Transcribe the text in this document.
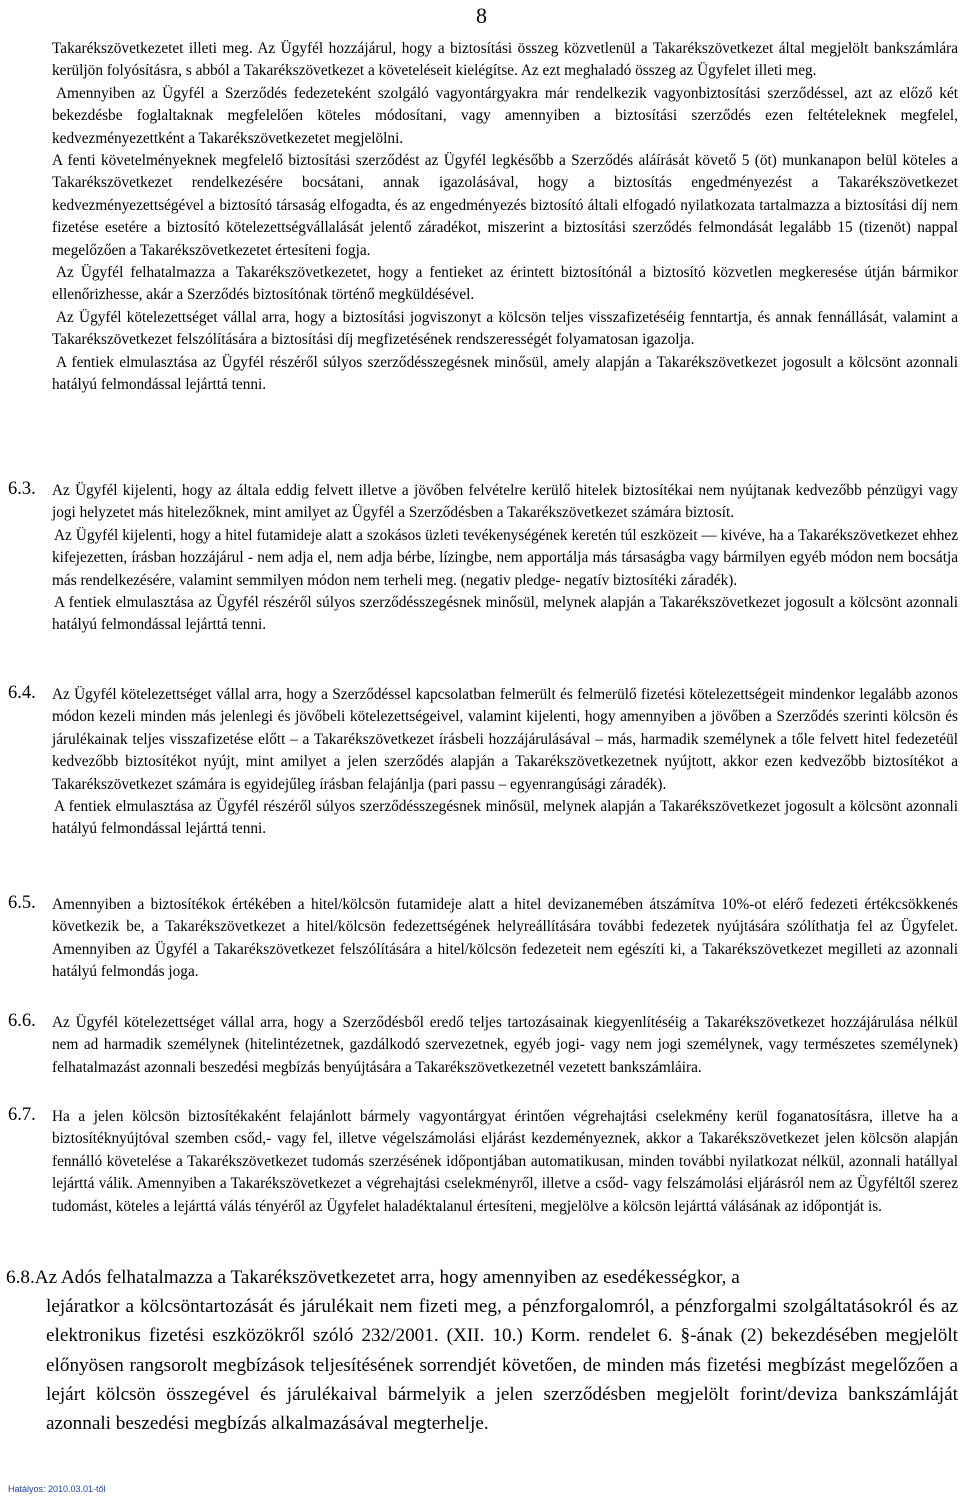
8

Takarékszövetkezetet illeti meg. Az Ügyfél hozzájárul, hogy a biztosítási összeg közvetlenül a Takarékszövetkezet által megjelölt bankszámlára kerüljön folyósításra, s abból a Takarékszövetkezet a követeléseit kielégítse. Az ezt meghaladó összeg az Ügyfelet illeti meg.

Amennyiben az Ügyfél a Szerződés fedezeteként szolgáló vagyontárgyakra már rendelkezik vagyonbiztosítási szerződéssel, azt az előző két bekezdésbe foglaltaknak megfelelően köteles módosítani, vagy amennyiben a biztosítási szerződés ezen feltételeknek megfelel, kedvezményezettként a Takarékszövetkezetet megjelölni.

A fenti követelményeknek megfelelő biztosítási szerződést az Ügyfél legkésőbb a Szerződés aláírását követő 5 (öt) munkanapon belül köteles a Takarékszövetkezet rendelkezésére bocsátani, annak igazolásával, hogy a biztosítás engedményezést a Takarékszövetkezet kedvezményezettségével a biztosító társaság elfogadta, és az engedményezés biztosító általi elfogadó nyilatkozata tartalmazza a biztosítási díj nem fizetése esetére a biztosító kötelezettségvállalását jelentő záradékot, miszerint a biztosítási szerződés felmondását legalább 15 (tizenöt) nappal megelőzően a Takarékszövetkezetet értesíteni fogja.

Az Ügyfél felhatalmazza a Takarékszövetkezetet, hogy a fentieket az érintett biztosítónál a biztosító közvetlen megkeresése útján bármikor ellenőrizhesse, akár a Szerződés biztosítónak történő megküldésével.

Az Ügyfél kötelezettséget vállal arra, hogy a biztosítási jogviszonyt a kölcsön teljes visszafizetéséig fenntartja, és annak fennállását, valamint a Takarékszövetkezet felszólítására a biztosítási díj megfizetésének rendszerességét folyamatosan igazolja.

A fentiek elmulasztása az Ügyfél részéről súlyos szerződésszegésnek minősül, amely alapján a Takarékszövetkezet jogosult a kölcsönt azonnali hatályú felmondással lejárttá tenni.

6.3. Az Ügyfél kijelenti, hogy az általa eddig felvett illetve a jövőben felvételre kerülő hitelek biztosítékai nem nyújtanak kedvezőbb pénzügyi vagy jogi helyzetet más hitelezőknek, mint amilyet az Ügyfél a Szerződésben a Takarékszövetkezet számára biztosít.

Az Ügyfél kijelenti, hogy a hitel futamideje alatt a szokásos üzleti tevékenységének keretén túl eszközeit — kivéve, ha a Takarékszövetkezet ehhez kifejezetten, írásban hozzájárul - nem adja el, nem adja bérbe, lízingbe, nem apportálja más társaságba vagy bármilyen egyéb módon nem bocsátja más rendelkezésére, valamint semmilyen módon nem terheli meg. (negativ pledge- negatív biztosítéki záradék).

A fentiek elmulasztása az Ügyfél részéről súlyos szerződésszegésnek minősül, melynek alapján a Takarékszövetkezet jogosult a kölcsönt azonnali hatályú felmondással lejárttá tenni.

6.4. Az Ügyfél kötelezettséget vállal arra, hogy a Szerződéssel kapcsolatban felmerült és felmerülő fizetési kötelezettségeit mindenkor legalább azonos módon kezeli minden más jelenlegi és jövőbeli kötelezettségeivel, valamint kijelenti, hogy amennyiben a jövőben a Szerződés szerinti kölcsön és járulékainak teljes visszafizetése előtt – a Takarékszövetkezet írásbeli hozzájárulásával – más, harmadik személynek a tőle felvett hitel fedezetéül kedvezőbb biztosítékot nyújt, mint amilyet a jelen szerződés alapján a Takarékszövetkezetnek nyújtott, akkor ezen kedvezőbb biztosítékot a Takarékszövetkezet számára is egyidejűleg írásban felajánlja (pari passu – egyenrangúsági záradék).

A fentiek elmulasztása az Ügyfél részéről súlyos szerződésszegésnek minősül, melynek alapján a Takarékszövetkezet jogosult a kölcsönt azonnali hatályú felmondással lejárttá tenni.

6.5. Amennyiben a biztosítékok értékében a hitel/kölcsön futamideje alatt a hitel devizanemében átszámítva 10%-ot elérő fedezeti értékcsökkenés következik be, a Takarékszövetkezet a hitel/kölcsön fedezettségének helyreállítására további fedezetek nyújtására szólíthatja fel az Ügyfelet. Amennyiben az Ügyfél a Takarékszövetkezet felszólítására a hitel/kölcsön fedezeteit nem egészíti ki, a Takarékszövetkezet megilleti az azonnali hatályú felmondás joga.

6.6. Az Ügyfél kötelezettséget vállal arra, hogy a Szerződésből eredő teljes tartozásainak kiegyenlítéséig a Takarékszövetkezet hozzájárulása nélkül nem ad harmadik személynek (hitelintézetnek, gazdálkodó szervezetnek, egyéb jogi- vagy nem jogi személynek, vagy természetes személynek) felhatalmazást azonnali beszedési megbízás benyújtására a Takarékszövetkezetnél vezetett bankszámláira.

6.7. Ha a jelen kölcsön biztosítékaként felajánlott bármely vagyontárgyat érintően végrehajtási cselekmény kerül foganatosításra, illetve ha a biztosítéknyújtóval szemben csőd,- vagy fel, illetve végelszámolási eljárást kezdeményeznek, akkor a Takarékszövetkezet jelen kölcsön alapján fennálló követelése a Takarékszövetkezet tudomás szerzésének időpontjában automatikusan, minden további nyilatkozat nélkül, azonnali hatállyal lejárttá válik. Amennyiben a Takarékszövetkezet a végrehajtási cselekményről, illetve a csőd- vagy felszámolási eljárásról nem az Ügyféltől szerez tudomást, köteles a lejárttá válás tényéről az Ügyfelet haladéktalanul értesíteni, megjelölve a kölcsön lejárttá válásának az időpontját is.

6.8.Az Adós felhatalmazza a Takarékszövetkezetet arra, hogy amennyiben az esedékességkor, a
lejáratkor a kölcsöntartozását és járulékait nem fizeti meg, a pénzforgalomról, a pénzforgalmi szolgáltatásokról és az elektronikus fizetési eszközökről szóló 232/2001. (XII. 10.) Korm. rendelet 6. §-ának (2) bekezdésében megjelölt előnyösen rangsorolt megbízások teljesítésének sorrendjét követően, de minden más fizetési megbízást megelőzően a lejárt kölcsön összegével és járulékaival bármelyik a jelen szerződésben megjelölt forint/deviza bankszámláját azonnali beszedési megbízás alkalmazásával megterhelje.
Hatályos: 2010.03.01-től
